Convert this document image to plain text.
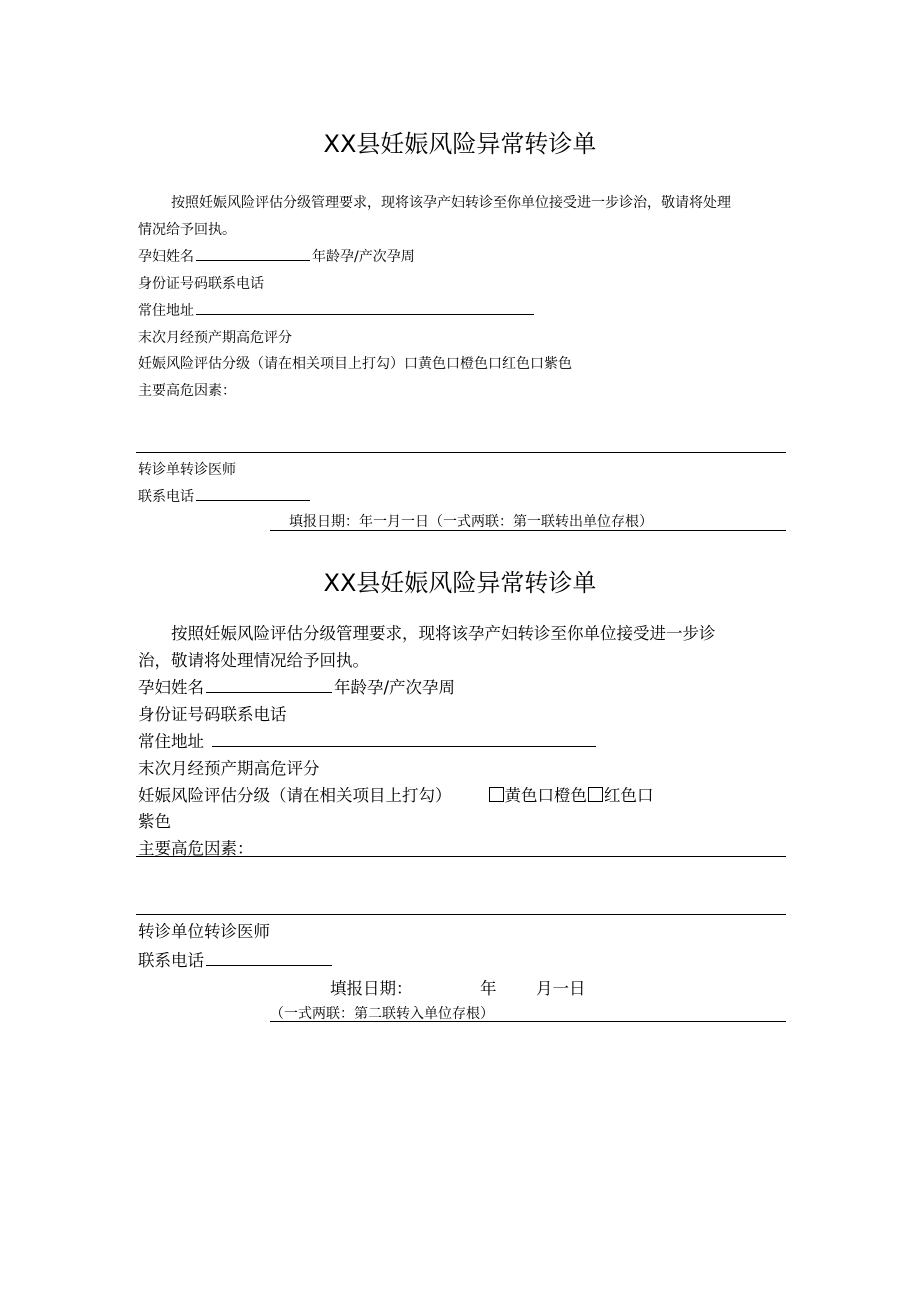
XX县妊娠风险异常转诊单
按照妊娠风险评估分级管理要求，现将该孕产妇转诊至你单位接受进一步诊治，敬请将处理
情况给予回执。
孕妇姓名	年龄孕/产次孕周
身份证号码联系电话
常住地址
末次月经预产期高危评分
妊娠风险评估分级（请在相关项目上打勾）口黄色口橙色口红色口紫色
主要高危因素：
转诊单转诊医师
联系电话
填报日期：年一月一日（一式两联：第一联转出单位存根）
XX县妊娠风险异常转诊单
按照妊娠风险评估分级管理要求，现将该孕产妇转诊至你单位接受进一步诊
治，敬请将处理情况给予回执。
孕妇姓名	年龄孕/产次孕周
身份证号码联系电话
常住地址
末次月经预产期高危评分
妊娠风险评估分级（请在相关项目上打勾）	黄色口橙色 红色口
紫色
主要高危因素：
转诊单位转诊医师
联系电话
填报日期：	年 月一日
（一式两联：第二联转入单位存根）
